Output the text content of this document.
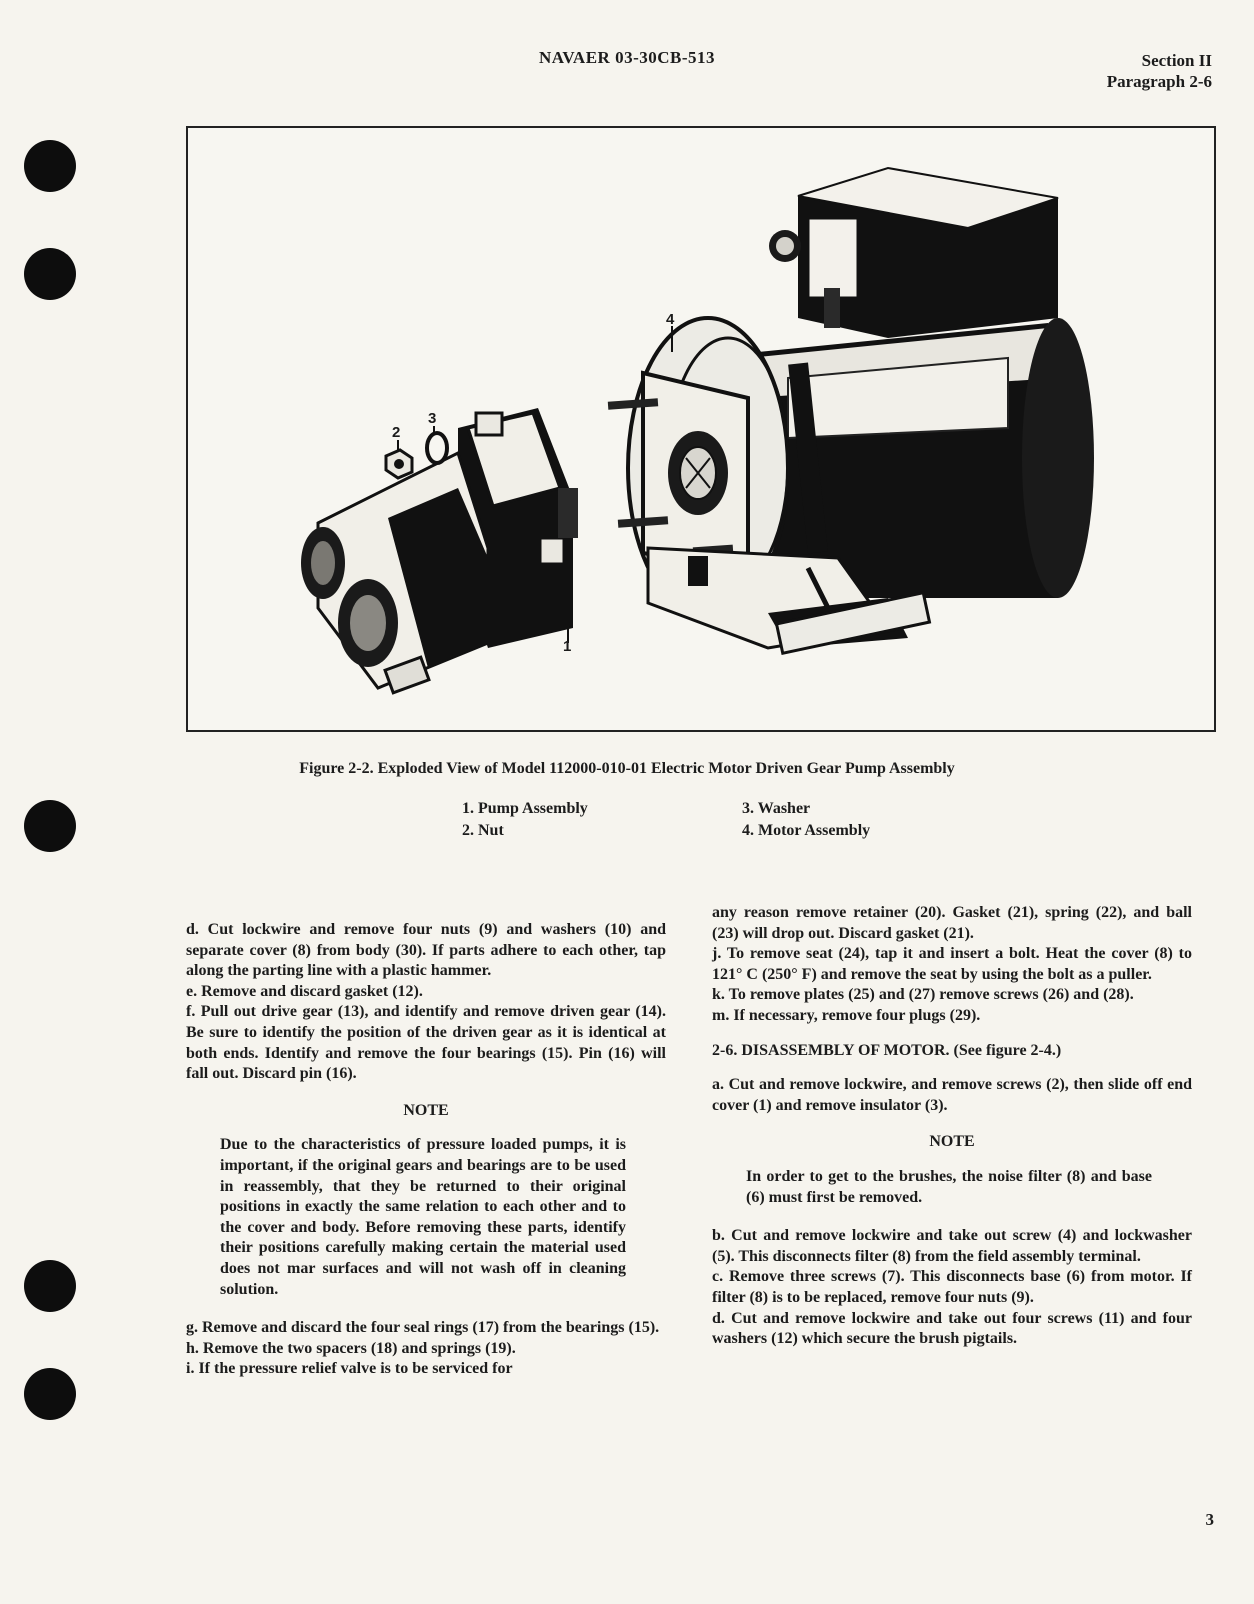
NAVAER 03-30CB-513	Section II
Paragraph 2-6
1
2
3
4
Figure 2-2. Exploded View of Model 112000-010-01 Electric Motor Driven Gear Pump Assembly
1. Pump Assembly
2. Nut
3. Washer
4. Motor Assembly

d. Cut lockwire and remove four nuts (9) and washers (10) and separate cover (8) from body (30). If parts adhere to each other, tap along the parting line with a plastic hammer.

e. Remove and discard gasket (12).

f. Pull out drive gear (13), and identify and remove driven gear (14). Be sure to identify the position of the driven gear as it is identical at both ends. Identify and remove the four bearings (15). Pin (16) will fall out. Discard pin (16).

NOTE

Due to the characteristics of pressure loaded pumps, it is important, if the original gears and bearings are to be used in reassembly, that they be returned to their original positions in exactly the same relation to each other and to the cover and body. Before removing these parts, identify their positions carefully making certain the material used does not mar surfaces and will not wash off in cleaning solution.

g. Remove and discard the four seal rings (17) from the bearings (15).

h. Remove the two spacers (18) and springs (19).

i. If the pressure relief valve is to be serviced for

any reason remove retainer (20). Gasket (21), spring (22), and ball (23) will drop out. Discard gasket (21).

j. To remove seat (24), tap it and insert a bolt. Heat the cover (8) to 121° C (250° F) and remove the seat by using the bolt as a puller.

k. To remove plates (25) and (27) remove screws (26) and (28).

m. If necessary, remove four plugs (29).

2-6. DISASSEMBLY OF MOTOR. (See figure 2-4.)

a. Cut and remove lockwire, and remove screws (2), then slide off end cover (1) and remove insulator (3).

NOTE

In order to get to the brushes, the noise filter (8) and base (6) must first be removed.

b. Cut and remove lockwire and take out screw (4) and lockwasher (5). This disconnects filter (8) from the field assembly terminal.

c. Remove three screws (7). This disconnects base (6) from motor. If filter (8) is to be replaced, remove four nuts (9).

d. Cut and remove lockwire and take out four screws (11) and four washers (12) which secure the brush pigtails.

3
